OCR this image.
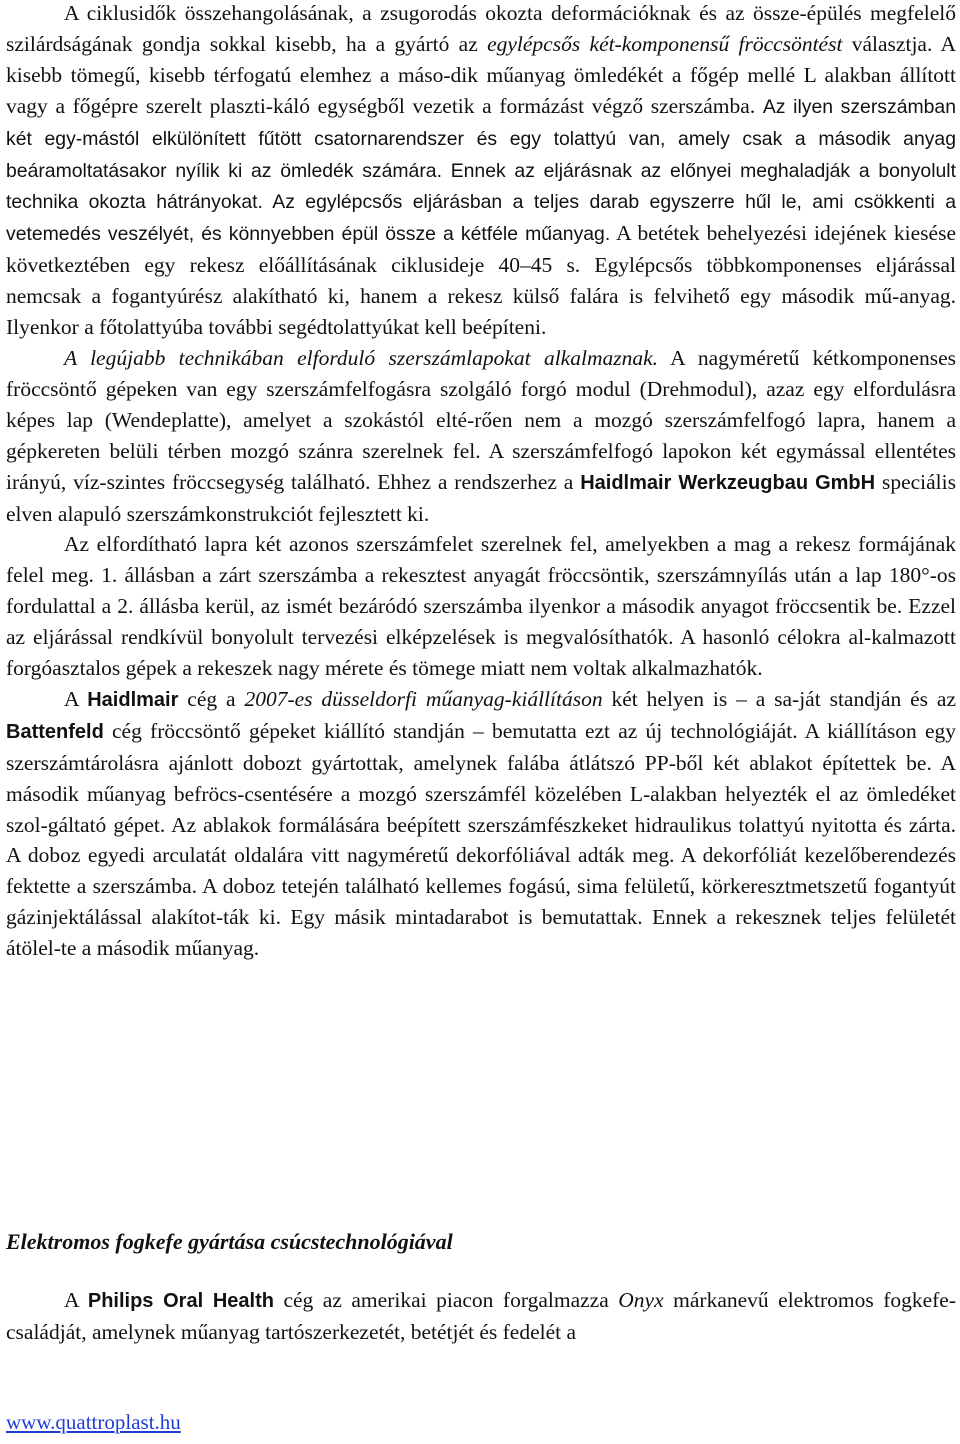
A ciklusidők összehangolásának, a zsugorodás okozta deformációknak és az össze-épülés megfelelő szilárdságának gondja sokkal kisebb, ha a gyártó az egylépcsős két-komponensű fröccsöntést választja. A kisebb tömegű, kisebb térfogatú elemhez a máso-dik műanyag ömledékét a főgép mellé L alakban állított vagy a főgépre szerelt plaszti-káló egységből vezetik a formázást végző szerszámba. Az ilyen szerszámban két egy-mástól elkülönített fűtött csatornarendszer és egy tolattyú van, amely csak a második anyag beáramoltatásakor nyílik ki az ömledék számára. Ennek az eljárásnak az előnyei meghaladják a bonyolult technika okozta hátrányokat. Az egylépcsős eljárásban a teljes darab egyszerre hűl le, ami csökkenti a vetemedés veszélyét, és könnyebben épül össze a kétféle műanyag. A betétek behelyezési idejének kiesése következtében egy rekesz előállításának ciklusideje 40–45 s. Egylépcsős többkomponenses eljárással nemcsak a fogantyúrész alakítható ki, hanem a rekesz külső falára is felvihető egy második mű-anyag. Ilyenkor a főtolattyúba további segédtolattyúkat kell beépíteni.

A legújabb technikában elforduló szerszámlapokat alkalmaznak. A nagyméretű kétkomponenses fröccsöntő gépeken van egy szerszámfelfogásra szolgáló forgó modul (Drehmodul), azaz egy elfordulásra képes lap (Wendeplatte), amelyet a szokástól elté-rően nem a mozgó szerszámfelfogó lapra, hanem a gépkereten belüli térben mozgó szánra szerelnek fel. A szerszámfelfogó lapokon két egymással ellentétes irányú, víz-szintes fröccsegység található. Ehhez a rendszerhez a Haidlmair Werkzeugbau GmbH speciális elven alapuló szerszámkonstrukciót fejlesztett ki.

Az elfordítható lapra két azonos szerszámfelet szerelnek fel, amelyekben a mag a rekesz formájának felel meg. 1. állásban a zárt szerszámba a rekesztest anyagát fröccsöntik, szerszámnyílás után a lap 180°-os fordulattal a 2. állásba kerül, az ismét bezáródó szerszámba ilyenkor a második anyagot fröccsentik be. Ezzel az eljárással rendkívül bonyolult tervezési elképzelések is megvalósíthatók. A hasonló célokra al-kalmazott forgóasztalos gépek a rekeszek nagy mérete és tömege miatt nem voltak alkalmazhatók.

A Haidlmair cég a 2007-es düsseldorfi műanyag-kiállításon két helyen is – a sa-ját standján és az Battenfeld cég fröccsöntő gépeket kiállító standján – bemutatta ezt az új technológiáját. A kiállításon egy szerszámtárolásra ajánlott dobozt gyártottak, amelynek falába átlátszó PP-ből két ablakot építettek be. A második műanyag befröcs-csentésére a mozgó szerszámfél közelében L-alakban helyezték el az ömledéket szol-gáltató gépet. Az ablakok formálására beépített szerszámfészkeket hidraulikus tolattyú nyitotta és zárta. A doboz egyedi arculatát oldalára vitt nagyméretű dekorfóliával adták meg. A dekorfóliát kezelőberendezés fektette a szerszámba. A doboz tetején található kellemes fogású, sima felületű, körkeresztmetszetű fogantyút gázinjektálással alakítot-ták ki. Egy másik mintadarabot is bemutattak. Ennek a rekesznek teljes felületét átölel-te a második műanyag.

Elektromos fogkefe gyártása csúcstechnológiával

A Philips Oral Health cég az amerikai piacon forgalmazza Onyx márkanevű elektromos fogkefe-családját, amelynek műanyag tartószerkezetét, betétjét és fedelét a

www.quattroplast.hu
